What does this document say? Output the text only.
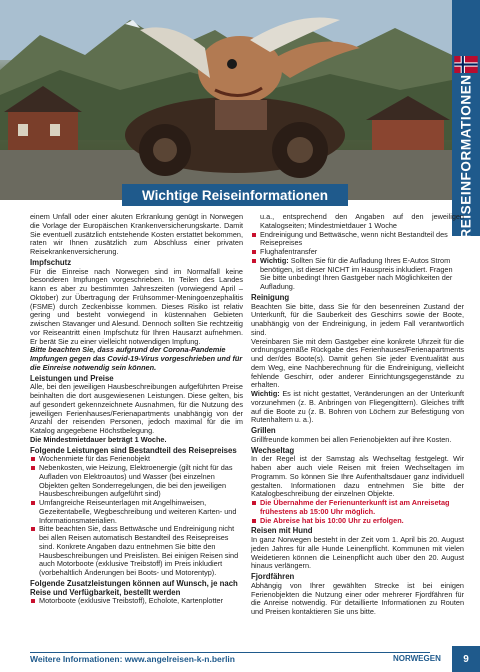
REISEINFORMATIONEN
Wichtige Reiseinformationen

einem Unfall oder einer akuten Erkrankung genügt in Norwegen die Vorlage der Europäischen Krankenversicherungskarte. Damit Sie eventuell zusätzlich entstehende Kosten erstattet bekommen, raten wir Ihnen zusätzlich zum Abschluss einer privaten Reisekrankenversicherung.

Impfschutz

Für die Einreise nach Norwegen sind im Normalfall keine besonderen Impfungen vorgeschrieben. In Teilen des Landes kann es aber zu bestimmten Jahreszeiten (vorwiegend April – Oktober) zur Übertragung der Frühsommer-Meningoenzephalitis (FSME) durch Zeckenbisse kommen. Dieses Risiko ist relativ gering und besteht vorwiegend in küstennahen Gebieten zwischen Stavanger und Alesund. Dennoch sollten Sie rechtzeitig vor Reiseantritt einen Impfschutz für Ihren Hausarzt aufnehmen. Er berät Sie zu einer vielleicht notwendigen Impfung.

Bitte beachten Sie, dass aufgrund der Corona-Pandemie Impfungen gegen das Covid-19-Virus vorgeschrieben und für die Einreise notwendig sein können.

Leistungen und Preise

Alle, bei den jeweiligen Hausbeschreibungen aufgeführten Preise beinhalten die dort ausgewiesenen Leistungen. Diese gelten, bis auf gesondert gekennzeichnete Ausnahmen, für die Nutzung des jeweiligen Ferienhauses/Ferienapartments unabhängig von der Anzahl der reisenden Personen, jedoch maximal für die im Katalog angegebene Höchstbelegung.

Die Mindestmietdauer beträgt 1 Woche.
Folgende Leistungen sind Bestandteil des Reisepreises
Wochenmiete für das Ferienobjekt
Nebenkosten, wie Heizung, Elektroenergie (gilt nicht für das Aufladen von Elektroautos) und Wasser (bei einzelnen Objekten gelten Sonderregelungen, die bei den jeweiligen Hausbeschreibungen aufgeführt sind)
Umfangreiche Reiseunterlagen mit Angelhinweisen, Gezeitentabelle, Wegbeschreibung und weiteren Karten- und Informationsmaterialien.
Bitte beachten Sie, dass Bettwäsche und Endreinigung nicht bei allen Reisen automatisch Bestandteil des Reisepreises sind. Konkrete Angaben dazu entnehmen Sie bitte den Hausbeschreibungen und Preislisten. Bei einigen Reisen sind auch Motorboote (exklusive Treibstoff) im Preis inkludiert (vorbehaltlich Änderungen bei Boots- und Motorentyp).
Folgende Zusatzleistungen können auf Wunsch, je nach Reise und Verfügbarkeit, bestellt werden
Motorboote (exklusive Treibstoff), Echolote, Kartenplotter

u.a., entsprechend den Angaben auf den jeweiligen Katalogseiten; Mindestmietdauer 1 Woche

Endreinigung und Bettwäsche, wenn nicht Bestandteil des Reisepreises
Flughafentransfer
Wichtig: Sollten Sie für die Aufladung Ihres E-Autos Strom benötigen, ist dieser NICHT im Hauspreis inkludiert. Fragen Sie bitte unbedingt Ihren Gastgeber nach Möglichkeiten der Aufladung.
Reinigung

Beachten Sie bitte, dass Sie für den besenreinen Zustand der Unterkunft, für die Sauberkeit des Geschirrs sowie der Boote, unabhängig von der Endreinigung, in jedem Fall verantwortlich sind.

Vereinbaren Sie mit dem Gastgeber eine konkrete Uhrzeit für die ordnungsgemäße Rückgabe des Ferienhauses/Ferienapartments und der/des Boote(s). Damit gehen Sie jeder Eventualität aus dem Weg, eine Nachberechnung für die Endreinigung, vielleicht fehlende Geschirr, oder anderer Einrichtungsgegenstände zu erhalten.

Wichtig: Es ist nicht gestattet, Veränderungen an der Unterkunft vorzunehmen (z. B. Anbringen von Fliegengittern). Gleiches trifft auf die Boote zu (z. B. Bohren von Löchern zur Befestigung von Rutenhaltern u. a.).

Grillen

Grillfreunde kommen bei allen Ferienobjekten auf ihre Kosten.

Wechseltag

In der Regel ist der Samstag als Wechseltag festgelegt. Wir haben aber auch viele Reisen mit freien Wechseltagen im Programm. So können Sie Ihre Aufenthaltsdauer ganz individuell gestalten. Informationen dazu entnehmen Sie bitte der Katalogbeschreibung der einzelnen Objekte.

Die Übernahme der Ferienunterkunft ist am Anreisetag frühestens ab 15:00 Uhr möglich.
Die Abreise hat bis 10:00 Uhr zu erfolgen.
Reisen mit Hund

In ganz Norwegen besteht in der Zeit vom 1. April bis 20. August jeden Jahres für alle Hunde Leinenpflicht. Kommunen mit vielen Weidetieren können die Leinenpflicht auch über den 20. August hinaus verlängern.

Fjordfähren

Abhängig von Ihrer gewählten Strecke ist bei einigen Ferienobjekten die Nutzung einer oder mehrerer Fjordfähren für die Anreise notwendig. Für detaillierte Informationen zu Routen und Preisen kontaktieren Sie uns bitte.

Weitere Informationen: www.angelreisen-k-n.berlin	NORWEGEN 9
